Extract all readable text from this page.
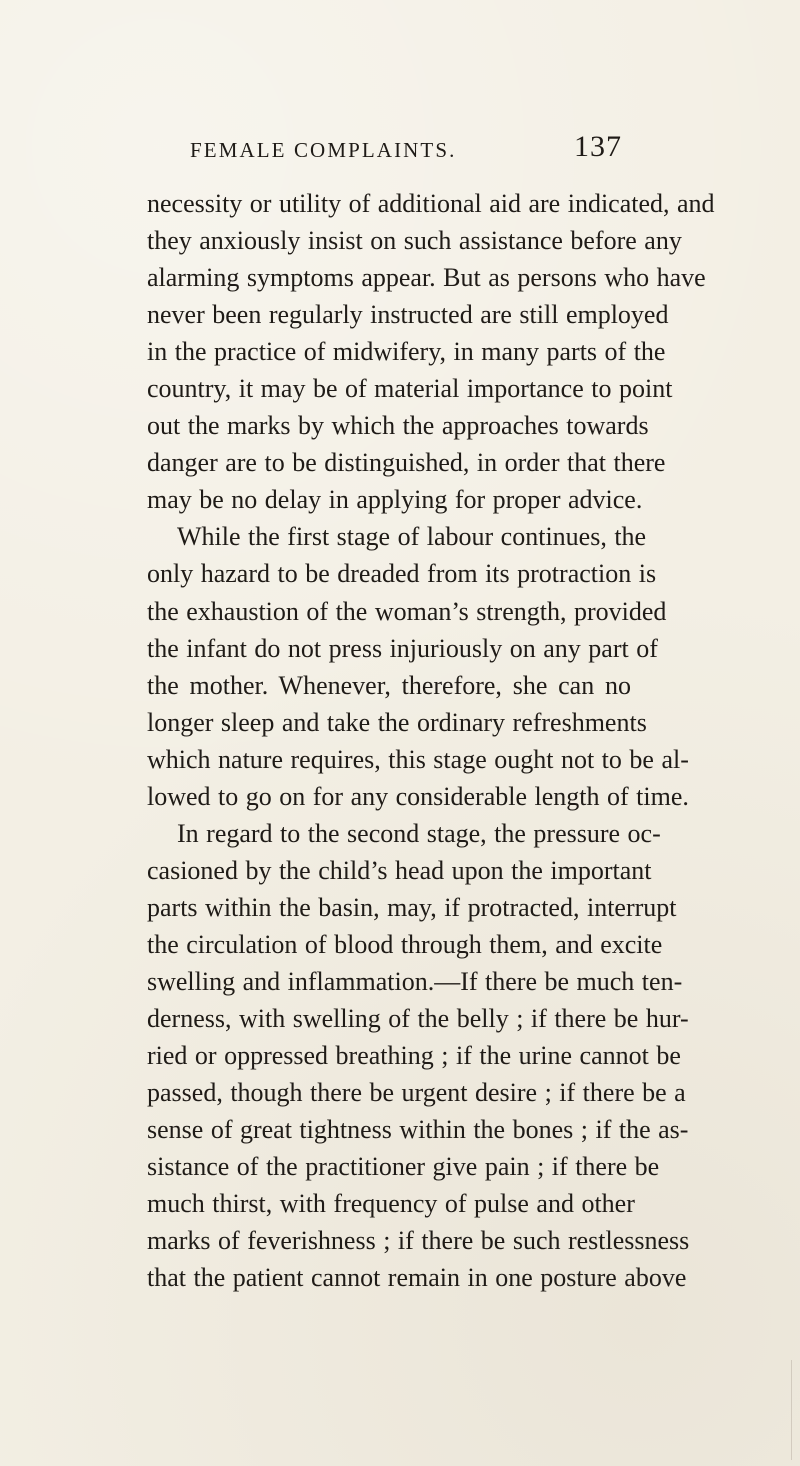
FEMALE COMPLAINTS.	137
necessity or utility of additional aid are indicated, and
they anxiously insist on such assistance before any
alarming symptoms appear. But as persons who have
never been regularly instructed are still employed
in the practice of midwifery, in many parts of the
country, it may be of material importance to point
out the marks by which the approaches towards
danger are to be distinguished, in order that there
may be no delay in applying for proper advice.
While the first stage of labour continues, the
only hazard to be dreaded from its protraction is
the exhaustion of the woman’s strength, provided
the infant do not press injuriously on any part of
the mother. Whenever, therefore, she can no
longer sleep and take the ordinary refreshments
which nature requires, this stage ought not to be al-
lowed to go on for any considerable length of time.
In regard to the second stage, the pressure oc-
casioned by the child’s head upon the important
parts within the basin, may, if protracted, interrupt
the circulation of blood through them, and excite
swelling and inflammation.—If there be much ten-
derness, with swelling of the belly ; if there be hur-
ried or oppressed breathing ; if the urine cannot be
passed, though there be urgent desire ; if there be a
sense of great tightness within the bones ; if the as-
sistance of the practitioner give pain ; if there be
much thirst, with frequency of pulse and other
marks of feverishness ; if there be such restlessness
that the patient cannot remain in one posture above
